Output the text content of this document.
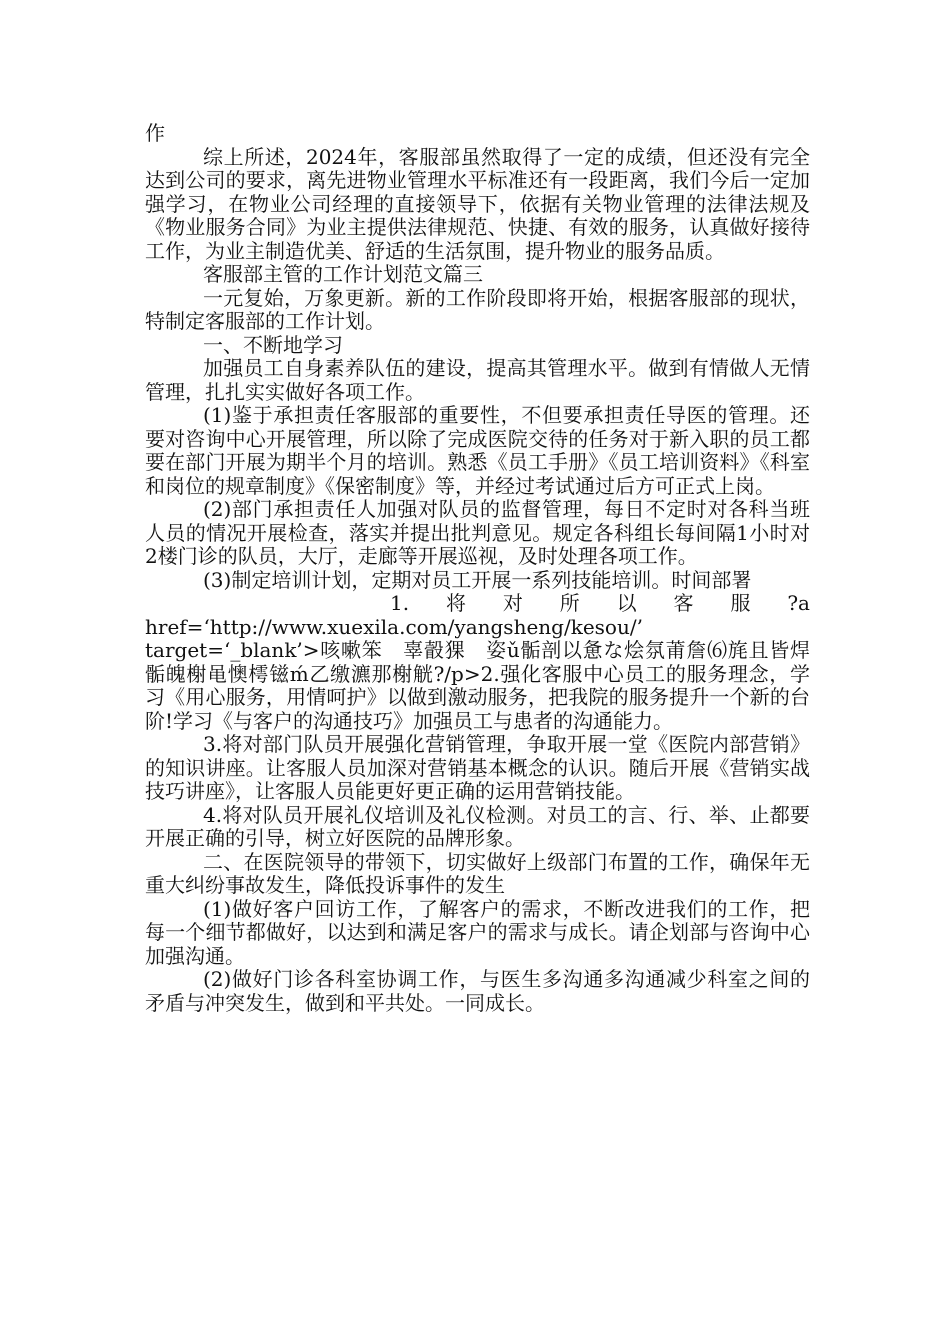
作

综上所述，2024年，客服部虽然取得了一定的成绩，但还没有完全达到公司的要求，离先进物业管理水平标准还有一段距离，我们今后一定加强学习，在物业公司经理的直接领导下，依据有关物业管理的法律法规及《物业服务合同》为业主提供法律规范、快捷、有效的服务，认真做好接待工作，为业主制造优美、舒适的生活氛围，提升物业的服务品质。

客服部主管的工作计划范文篇三

一元复始，万象更新。新的工作阶段即将开始，根据客服部的现状，特制定客服部的工作计划。

一、不断地学习

加强员工自身素养队伍的建设，提高其管理水平。做到有情做人无情管理，扎扎实实做好各项工作。

(1)鉴于承担责任客服部的重要性，不但要承担责任导医的管理。还要对咨询中心开展管理，所以除了完成医院交待的任务对于新入职的员工都要在部门开展为期半个月的培训。熟悉《员工手册》《员工培训资料》《科室和岗位的规章制度》《保密制度》等，并经过考试通过后方可正式上岗。

(2)部门承担责任人加强对队员的监督管理，每日不定时对各科当班人员的情况开展检查，落实并提出批判意见。规定各科组长每间隔1小时对2楼门诊的队员，大厅，走廊等开展巡视，及时处理各项工作。

(3)制定培训计划，定期对员工开展一系列技能培训。时间部署

1. 将 对 所 以 客 服 ?a

href=‘http://www.xuexila.com/yangsheng/kesou/’

target=‘_blank’>咳嗽笨　辜瞉猓　姿ǔ骺剖以惫な烩氛莆詹⑹旄且皆焊骺魄榭黾懊樗镃ḿ乙缴瀌那榭觥?/p>2.强化客服中心员工的服务理念，学习《用心服务，用情呵护》以做到激动服务，把我院的服务提升一个新的台阶!学习《与客户的沟通技巧》加强员工与患者的沟通能力。

3.将对部门队员开展强化营销管理，争取开展一堂《医院内部营销》的知识讲座。让客服人员加深对营销基本概念的认识。随后开展《营销实战技巧讲座》，让客服人员能更好更正确的运用营销技能。

4.将对队员开展礼仪培训及礼仪检测。对员工的言、行、举、止都要开展正确的引导，树立好医院的品牌形象。

二、在医院领导的带领下，切实做好上级部门布置的工作，确保年无重大纠纷事故发生，降低投诉事件的发生

(1)做好客户回访工作，了解客户的需求，不断改进我们的工作，把每一个细节都做好，以达到和满足客户的需求与成长。请企划部与咨询中心加强沟通。

(2)做好门诊各科室协调工作，与医生多沟通多沟通减少科室之间的矛盾与冲突发生，做到和平共处。一同成长。
